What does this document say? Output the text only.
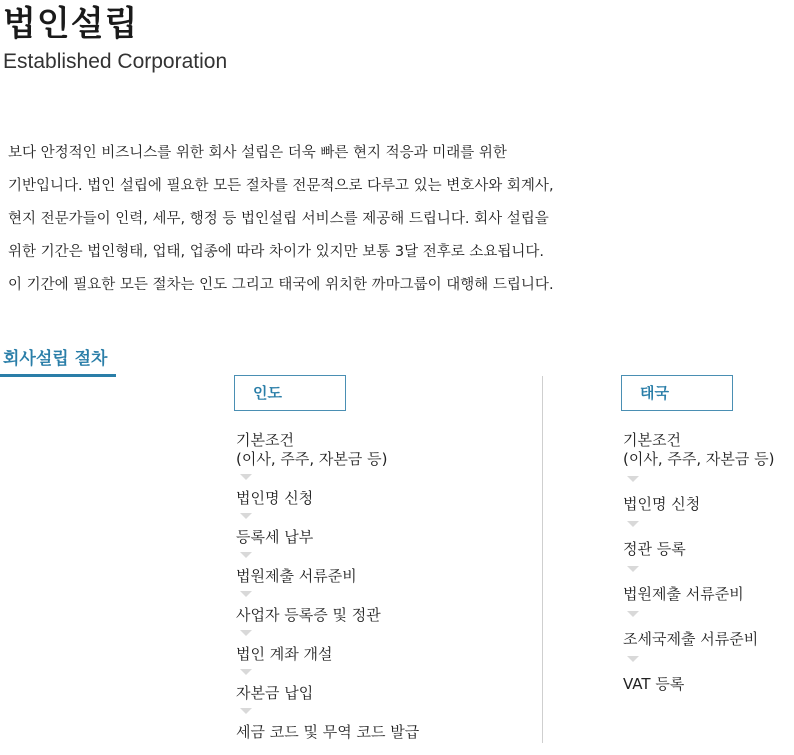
법인설립
Established Corporation
보다 안정적인 비즈니스를 위한 회사 설립은 더욱 빠른 현지 적응과 미래를 위한
기반입니다. 법인 설립에 필요한 모든 절차를 전문적으로 다루고 있는 변호사와 회계사,
현지 전문가들이 인력, 세무, 행정 등 법인설립 서비스를 제공해 드립니다. 회사 설립을
위한 기간은 법인형태, 업태, 업종에 따라 차이가 있지만 보통 3달 전후로 소요됩니다.
이 기간에 필요한 모든 절차는 인도 그리고 태국에 위치한 까마그룹이 대행해 드립니다.
회사설립 절차
인도	태국
기본조건
(이사, 주주, 자본금 등)
법인명 신청
등록세 납부
법원제출 서류준비
사업자 등록증 및 정관
법인 계좌 개설
자본금 납입
세금 코드 및 무역 코드 발급
기본조건
(이사, 주주, 자본금 등)
법인명 신청
정관 등록
법원제출 서류준비
조세국제출 서류준비
VAT 등록
